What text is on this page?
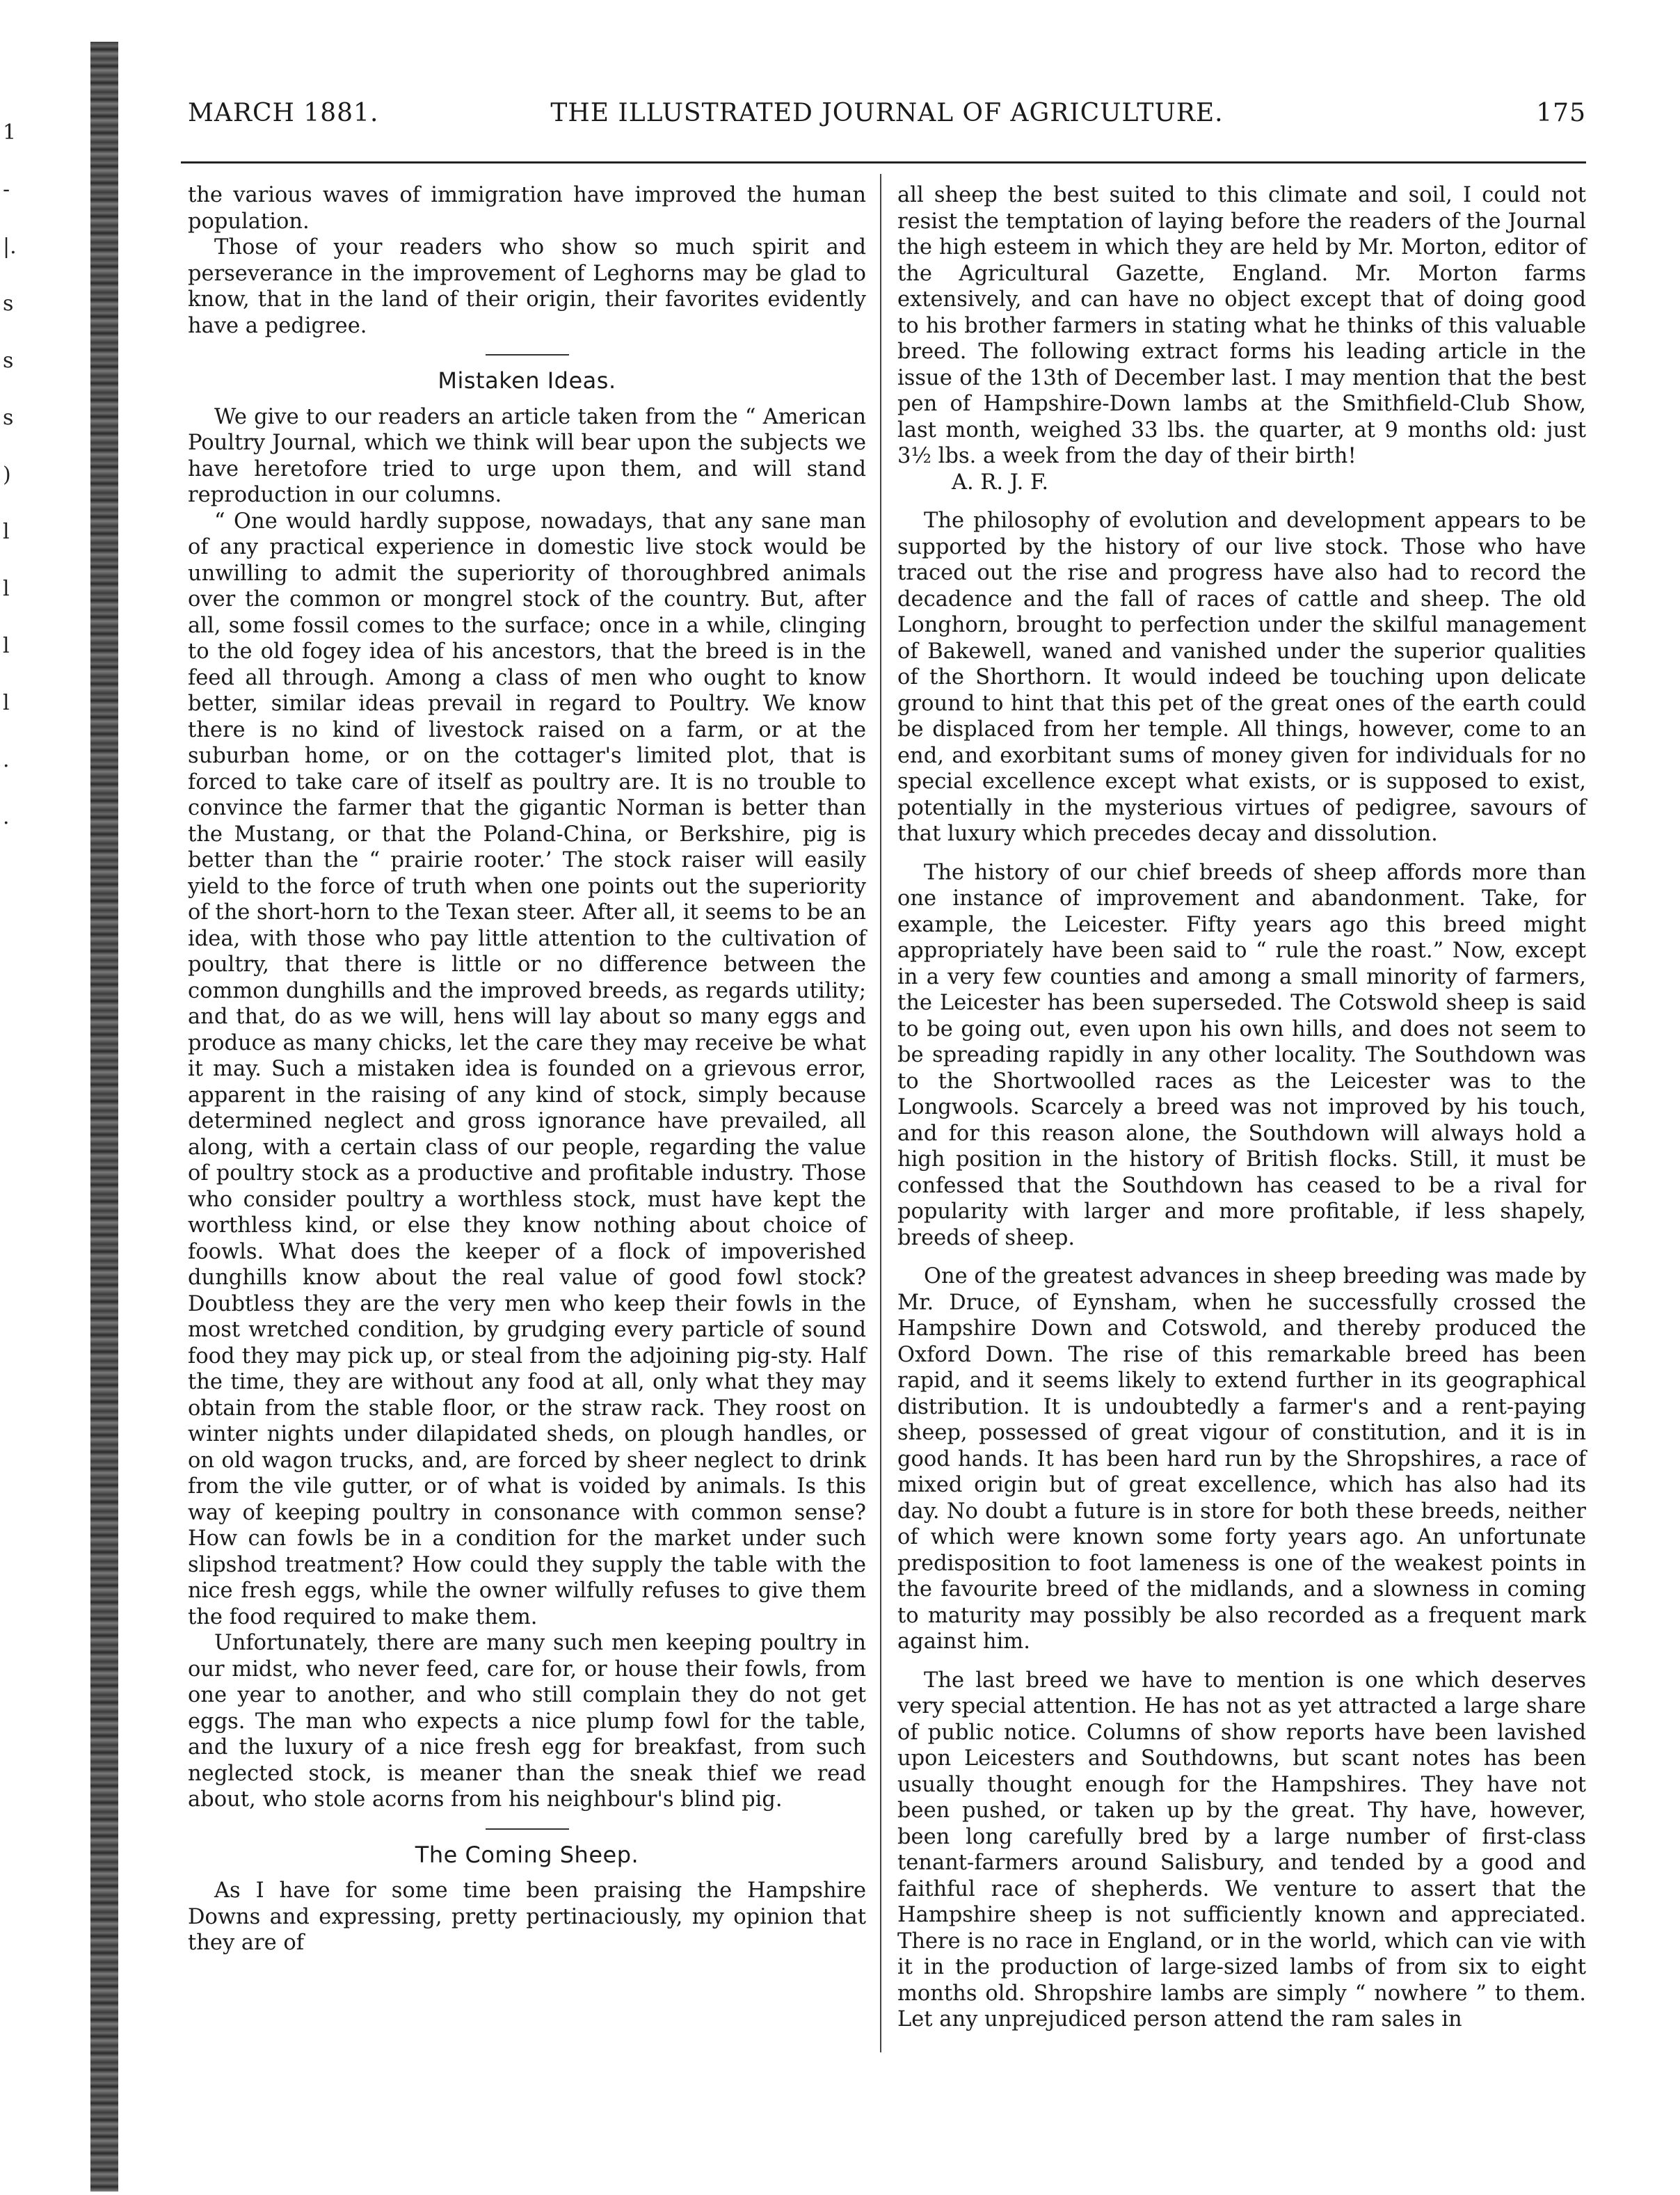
1
-
|.
s
s
s
)
l
l
l
l
.
.
MARCH 1881.	THE ILLUSTRATED JOURNAL OF AGRICULTURE.	175

the various waves of immigration have improved the human population.

Those of your readers who show so much spirit and perseverance in the improvement of Leghorns may be glad to know, that in the land of their origin, their favorites evidently have a pedigree.

Mistaken Ideas.

We give to our readers an article taken from the “ American Poultry Journal, which we think will bear upon the subjects we have heretofore tried to urge upon them, and will stand reproduction in our columns.

“ One would hardly suppose, nowadays, that any sane man of any practical experience in domestic live stock would be unwilling to admit the superiority of thoroughbred animals over the common or mongrel stock of the country. But, after all, some fossil comes to the surface; once in a while, clinging to the old fogey idea of his ancestors, that the breed is in the feed all through. Among a class of men who ought to know better, similar ideas prevail in regard to Poultry. We know there is no kind of livestock raised on a farm, or at the suburban home, or on the cottager's limited plot, that is forced to take care of itself as poultry are. It is no trouble to convince the farmer that the gigantic Norman is better than the Mustang, or that the Poland-China, or Berkshire, pig is better than the “ prairie rooter.’ The stock raiser will easily yield to the force of truth when one points out the superiority of the short-horn to the Texan steer. After all, it seems to be an idea, with those who pay little attention to the cultivation of poultry, that there is little or no difference between the common dunghills and the improved breeds, as regards utility; and that, do as we will, hens will lay about so many eggs and produce as many chicks, let the care they may receive be what it may. Such a mistaken idea is founded on a grievous error, apparent in the raising of any kind of stock, simply because determined neglect and gross ignorance have prevailed, all along, with a certain class of our people, regarding the value of poultry stock as a productive and profitable industry. Those who consider poultry a worthless stock, must have kept the worthless kind, or else they know nothing about choice of foowls. What does the keeper of a flock of impoverished dunghills know about the real value of good fowl stock? Doubtless they are the very men who keep their fowls in the most wretched condition, by grudging every particle of sound food they may pick up, or steal from the adjoining pig-sty. Half the time, they are without any food at all, only what they may obtain from the stable floor, or the straw rack. They roost on winter nights under dilapidated sheds, on plough handles, or on old wagon trucks, and, are forced by sheer neglect to drink from the vile gutter, or of what is voided by animals. Is this way of keeping poultry in consonance with common sense? How can fowls be in a condition for the market under such slipshod treatment? How could they supply the table with the nice fresh eggs, while the owner wilfully refuses to give them the food required to make them.

Unfortunately, there are many such men keeping poultry in our midst, who never feed, care for, or house their fowls, from one year to another, and who still complain they do not get eggs. The man who expects a nice plump fowl for the table, and the luxury of a nice fresh egg for breakfast, from such neglected stock, is meaner than the sneak thief we read about, who stole acorns from his neighbour's blind pig.

The Coming Sheep.

As I have for some time been praising the Hampshire Downs and expressing, pretty pertinaciously, my opinion that they are of

all sheep the best suited to this climate and soil, I could not resist the temptation of laying before the readers of the Journal the high esteem in which they are held by Mr. Morton, editor of the Agricultural Gazette, England. Mr. Morton farms extensively, and can have no object except that of doing good to his brother farmers in stating what he thinks of this valuable breed. The following extract forms his leading article in the issue of the 13th of December last. I may mention that the best pen of Hampshire-Down lambs at the Smithfield-Club Show, last month, weighed 33 lbs. the quarter, at 9 months old: just 3½ lbs. a week from the day of their birth!

A. R. J. F.

The philosophy of evolution and development appears to be supported by the history of our live stock. Those who have traced out the rise and progress have also had to record the decadence and the fall of races of cattle and sheep. The old Longhorn, brought to perfection under the skilful management of Bakewell, waned and vanished under the superior qualities of the Shorthorn. It would indeed be touching upon delicate ground to hint that this pet of the great ones of the earth could be displaced from her temple. All things, however, come to an end, and exorbitant sums of money given for individuals for no special excellence except what exists, or is supposed to exist, potentially in the mysterious virtues of pedigree, savours of that luxury which precedes decay and dissolution.

The history of our chief breeds of sheep affords more than one instance of improvement and abandonment. Take, for example, the Leicester. Fifty years ago this breed might appropriately have been said to “ rule the roast.” Now, except in a very few counties and among a small minority of farmers, the Leicester has been superseded. The Cotswold sheep is said to be going out, even upon his own hills, and does not seem to be spreading rapidly in any other locality. The Southdown was to the Shortwoolled races as the Leicester was to the Longwools. Scarcely a breed was not improved by his touch, and for this reason alone, the Southdown will always hold a high position in the history of British flocks. Still, it must be confessed that the Southdown has ceased to be a rival for popularity with larger and more profitable, if less shapely, breeds of sheep.

One of the greatest advances in sheep breeding was made by Mr. Druce, of Eynsham, when he successfully crossed the Hampshire Down and Cotswold, and thereby produced the Oxford Down. The rise of this remarkable breed has been rapid, and it seems likely to extend further in its geographical distribution. It is undoubtedly a farmer's and a rent-paying sheep, possessed of great vigour of constitution, and it is in good hands. It has been hard run by the Shropshires, a race of mixed origin but of great excellence, which has also had its day. No doubt a future is in store for both these breeds, neither of which were known some forty years ago. An unfortunate predisposition to foot lameness is one of the weakest points in the favourite breed of the midlands, and a slowness in coming to maturity may possibly be also recorded as a frequent mark against him.

The last breed we have to mention is one which deserves very special attention. He has not as yet attracted a large share of public notice. Columns of show reports have been lavished upon Leicesters and Southdowns, but scant notes has been usually thought enough for the Hampshires. They have not been pushed, or taken up by the great. Thy have, however, been long carefully bred by a large number of first-class tenant-farmers around Salisbury, and tended by a good and faithful race of shepherds. We venture to assert that the Hampshire sheep is not sufficiently known and appreciated. There is no race in England, or in the world, which can vie with it in the production of large-sized lambs of from six to eight months old. Shropshire lambs are simply “ nowhere ” to them. Let any unprejudiced person attend the ram sales in
